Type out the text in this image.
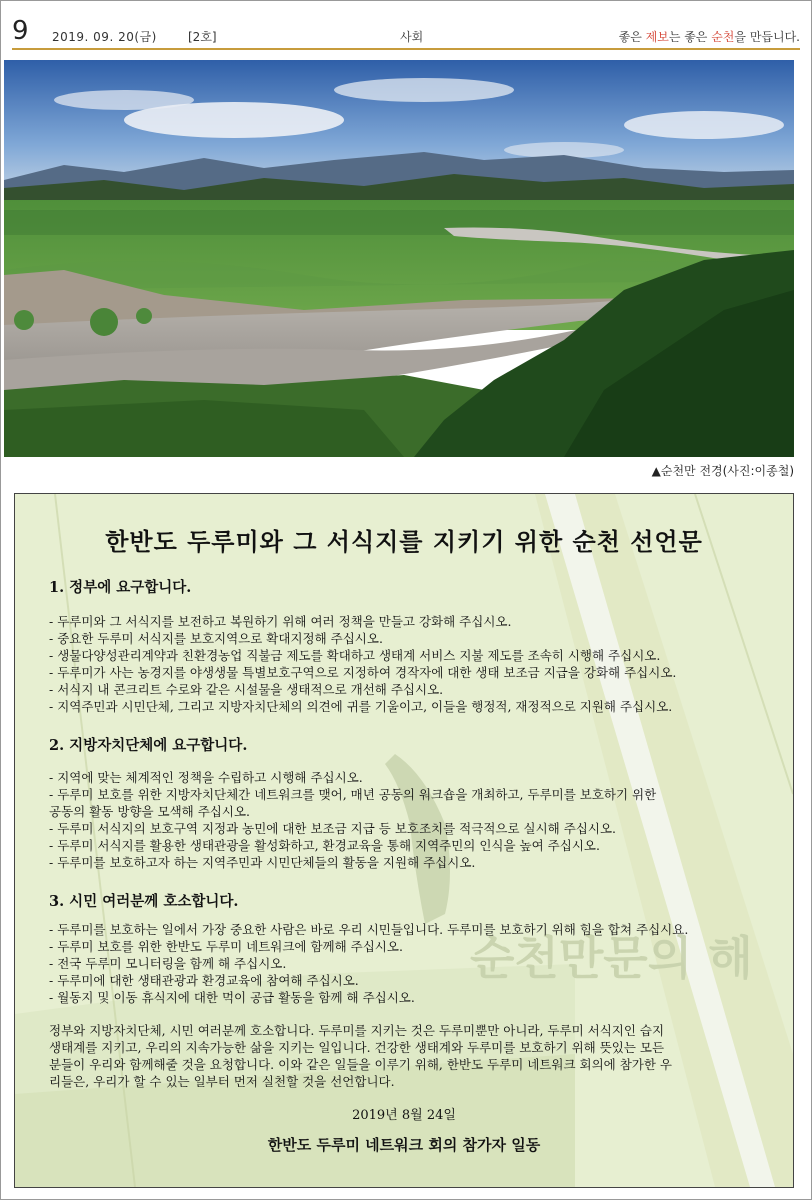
9 2019. 09. 20(금)	[2호]	사회	좋은 제보는 좋은 순천을 만듭니다.
▲순천만 전경(사진:이종철)
순천만문의 해
한반도 두루미와 그 서식지를 지키기 위한 순천 선언문
1. 정부에 요구합니다.
- 두루미와 그 서식지를 보전하고 복원하기 위해 여러 정책을 만들고 강화해 주십시오.
- 중요한 두루미 서식지를 보호지역으로 확대지정해 주십시오.
- 생물다양성관리계약과 친환경농업 직불금 제도를 확대하고 생태계 서비스 지불 제도를 조속히 시행해 주십시오.
- 두루미가 사는 농경지를 야생생물 특별보호구역으로 지정하여 경작자에 대한 생태 보조금 지급을 강화해 주십시오.
- 서식지 내 콘크리트 수로와 같은 시설물을 생태적으로 개선해 주십시오.
- 지역주민과 시민단체, 그리고 지방자치단체의 의견에 귀를 기울이고, 이들을 행정적, 재정적으로 지원해 주십시오.
2. 지방자치단체에 요구합니다.
- 지역에 맞는 체계적인 정책을 수립하고 시행해 주십시오.
- 두루미 보호를 위한 지방자치단체간 네트워크를 맺어, 매년 공동의 워크숍을 개최하고, 두루미를 보호하기 위한
공동의 활동 방향을 모색해 주십시오.
- 두루미 서식지의 보호구역 지정과 농민에 대한 보조금 지급 등 보호조치를 적극적으로 실시해 주십시오.
- 두루미 서식지를 활용한 생태관광을 활성화하고, 환경교육을 통해 지역주민의 인식을 높여 주십시오.
- 두루미를 보호하고자 하는 지역주민과 시민단체들의 활동을 지원해 주십시오.
3. 시민 여러분께 호소합니다.
- 두루미를 보호하는 일에서 가장 중요한 사람은 바로 우리 시민들입니다. 두루미를 보호하기 위해 힘을 합쳐 주십시요.
- 두루미 보호를 위한 한반도 두루미 네트워크에 함께해 주십시오.
- 전국 두루미 모니터링을 함께 해 주십시오.
- 두루미에 대한 생태관광과 환경교육에 참여해 주십시오.
- 월동지 및 이동 휴식지에 대한 먹이 공급 활동을 함께 해 주십시오.
정부와 지방자치단체, 시민 여러분께 호소합니다. 두루미를 지키는 것은 두루미뿐만 아니라, 두루미 서식지인 습지
생태계를 지키고, 우리의 지속가능한 삶을 지키는 일입니다. 건강한 생태계와 두루미를 보호하기 위해 뜻있는 모든
분들이 우리와 함께해줄 것을 요청합니다. 이와 같은 일들을 이루기 위해, 한반도 두루미 네트워크 회의에 참가한 우
리들은, 우리가 할 수 있는 일부터 먼저 실천할 것을 선언합니다.
2019년 8월 24일
한반도 두루미 네트워크 회의 참가자 일동
